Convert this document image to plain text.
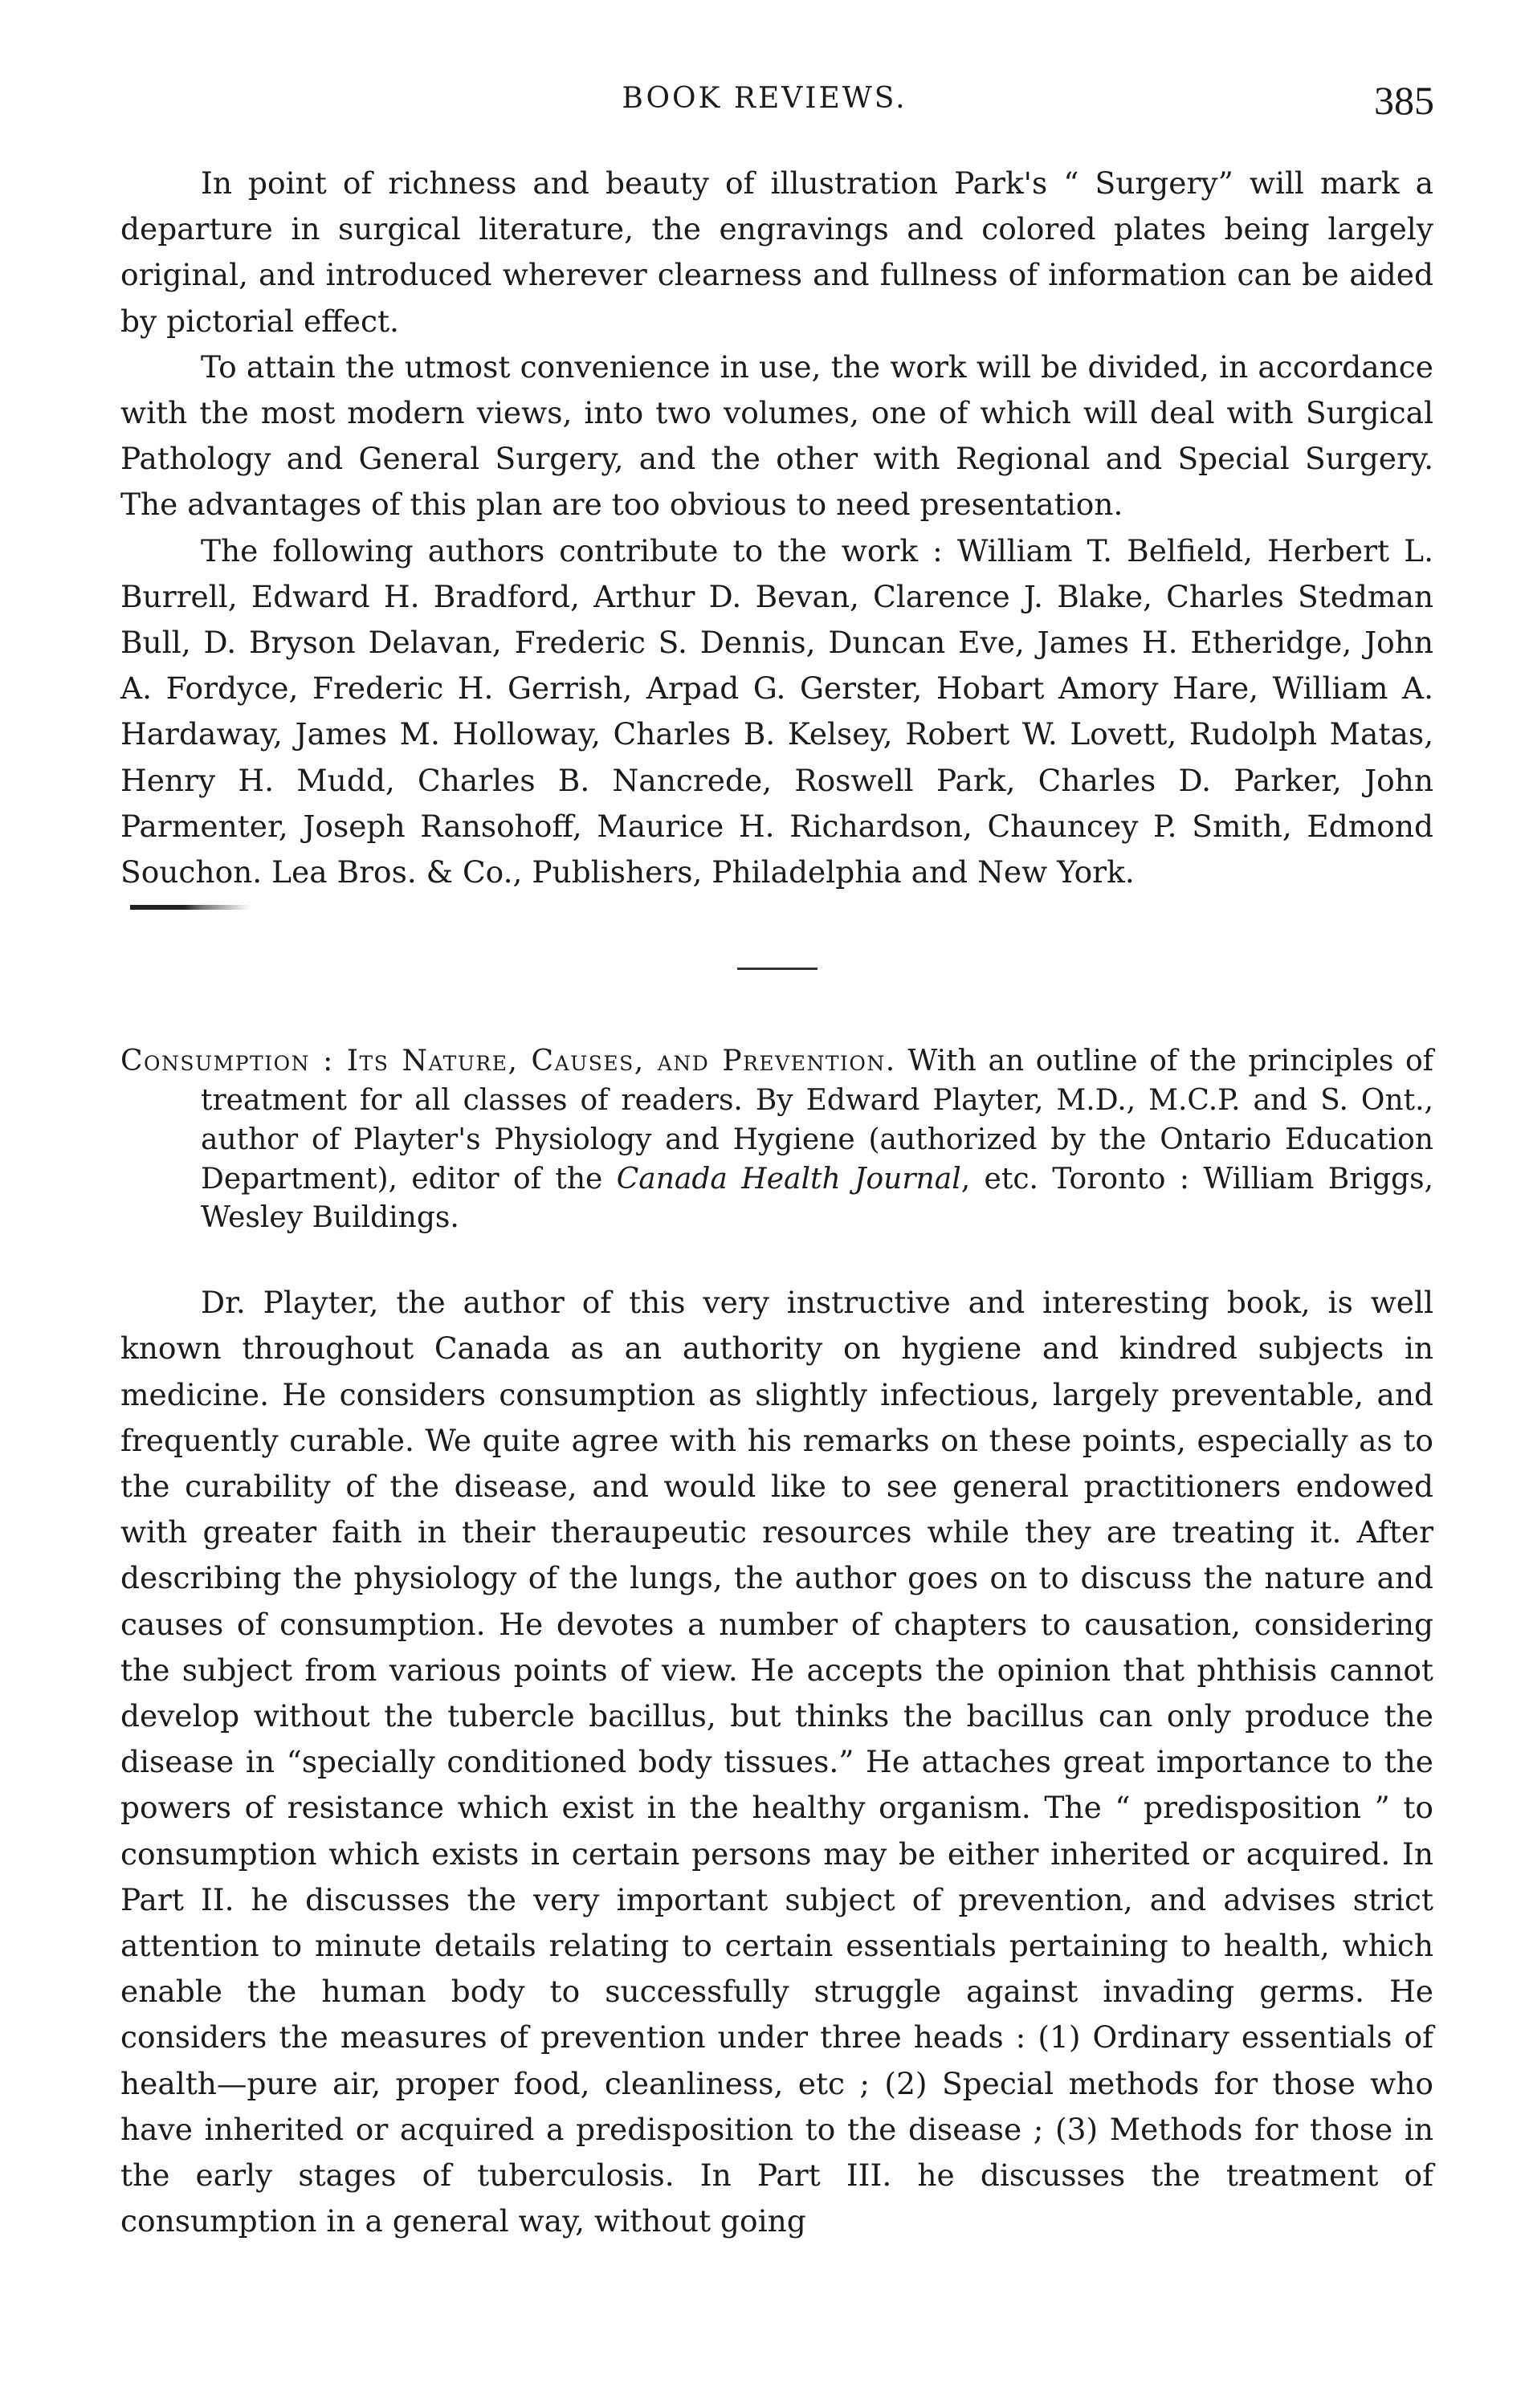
BOOK REVIEWS.	385

In point of richness and beauty of illustration Park's “ Surgery” will mark a departure in surgical literature, the engravings and colored plates being largely original, and introduced wherever clearness and fullness of information can be aided by pictorial effect.

To attain the utmost convenience in use, the work will be divided, in accordance with the most modern views, into two volumes, one of which will deal with Surgical Pathology and General Surgery, and the other with Regional and Special Surgery. The advantages of this plan are too obvious to need presentation.

The following authors contribute to the work : William T. Belfield, Herbert L. Burrell, Edward H. Bradford, Arthur D. Bevan, Clarence J. Blake, Charles Stedman Bull, D. Bryson Delavan, Frederic S. Dennis, Duncan Eve, James H. Etheridge, John A. Fordyce, Frederic H. Gerrish, Arpad G. Gerster, Hobart Amory Hare, William A. Hardaway, James M. Holloway, Charles B. Kelsey, Robert W. Lovett, Rudolph Matas, Henry H. Mudd, Charles B. Nancrede, Roswell Park, Charles D. Parker, John Parmenter, Joseph Ransohoff, Maurice H. Richardson, Chauncey P. Smith, Edmond Souchon. Lea Bros. & Co., Publishers, Philadelphia and New York.

Consumption : Its Nature, Causes, and Prevention. With an outline of the principles of treatment for all classes of readers. By Edward Playter, M.D., M.C.P. and S. Ont., author of Playter's Physiology and Hygiene (authorized by the Ontario Education Department), editor of the Canada Health Journal, etc. Toronto : William Briggs, Wesley Buildings.

Dr. Playter, the author of this very instructive and interesting book, is well known throughout Canada as an authority on hygiene and kindred subjects in medicine. He considers consumption as slightly infectious, largely preventable, and frequently curable. We quite agree with his remarks on these points, especially as to the curability of the disease, and would like to see general practitioners endowed with greater faith in their theraupeutic resources while they are treating it. After describing the physiology of the lungs, the author goes on to discuss the nature and causes of consumption. He devotes a number of chapters to causation, considering the subject from various points of view. He accepts the opinion that phthisis cannot develop without the tubercle bacillus, but thinks the bacillus can only produce the disease in “specially conditioned body tissues.” He attaches great importance to the powers of resistance which exist in the healthy organism. The “ predisposition ” to consumption which exists in certain persons may be either inherited or acquired. In Part II. he discusses the very important subject of prevention, and advises strict attention to minute details relating to certain essentials pertaining to health, which enable the human body to successfully struggle against invading germs. He considers the measures of prevention under three heads : (1) Ordinary essentials of health—pure air, proper food, cleanliness, etc ; (2) Special methods for those who have inherited or acquired a predisposition to the disease ; (3) Methods for those in the early stages of tuberculosis. In Part III. he discusses the treatment of consumption in a general way, without going
